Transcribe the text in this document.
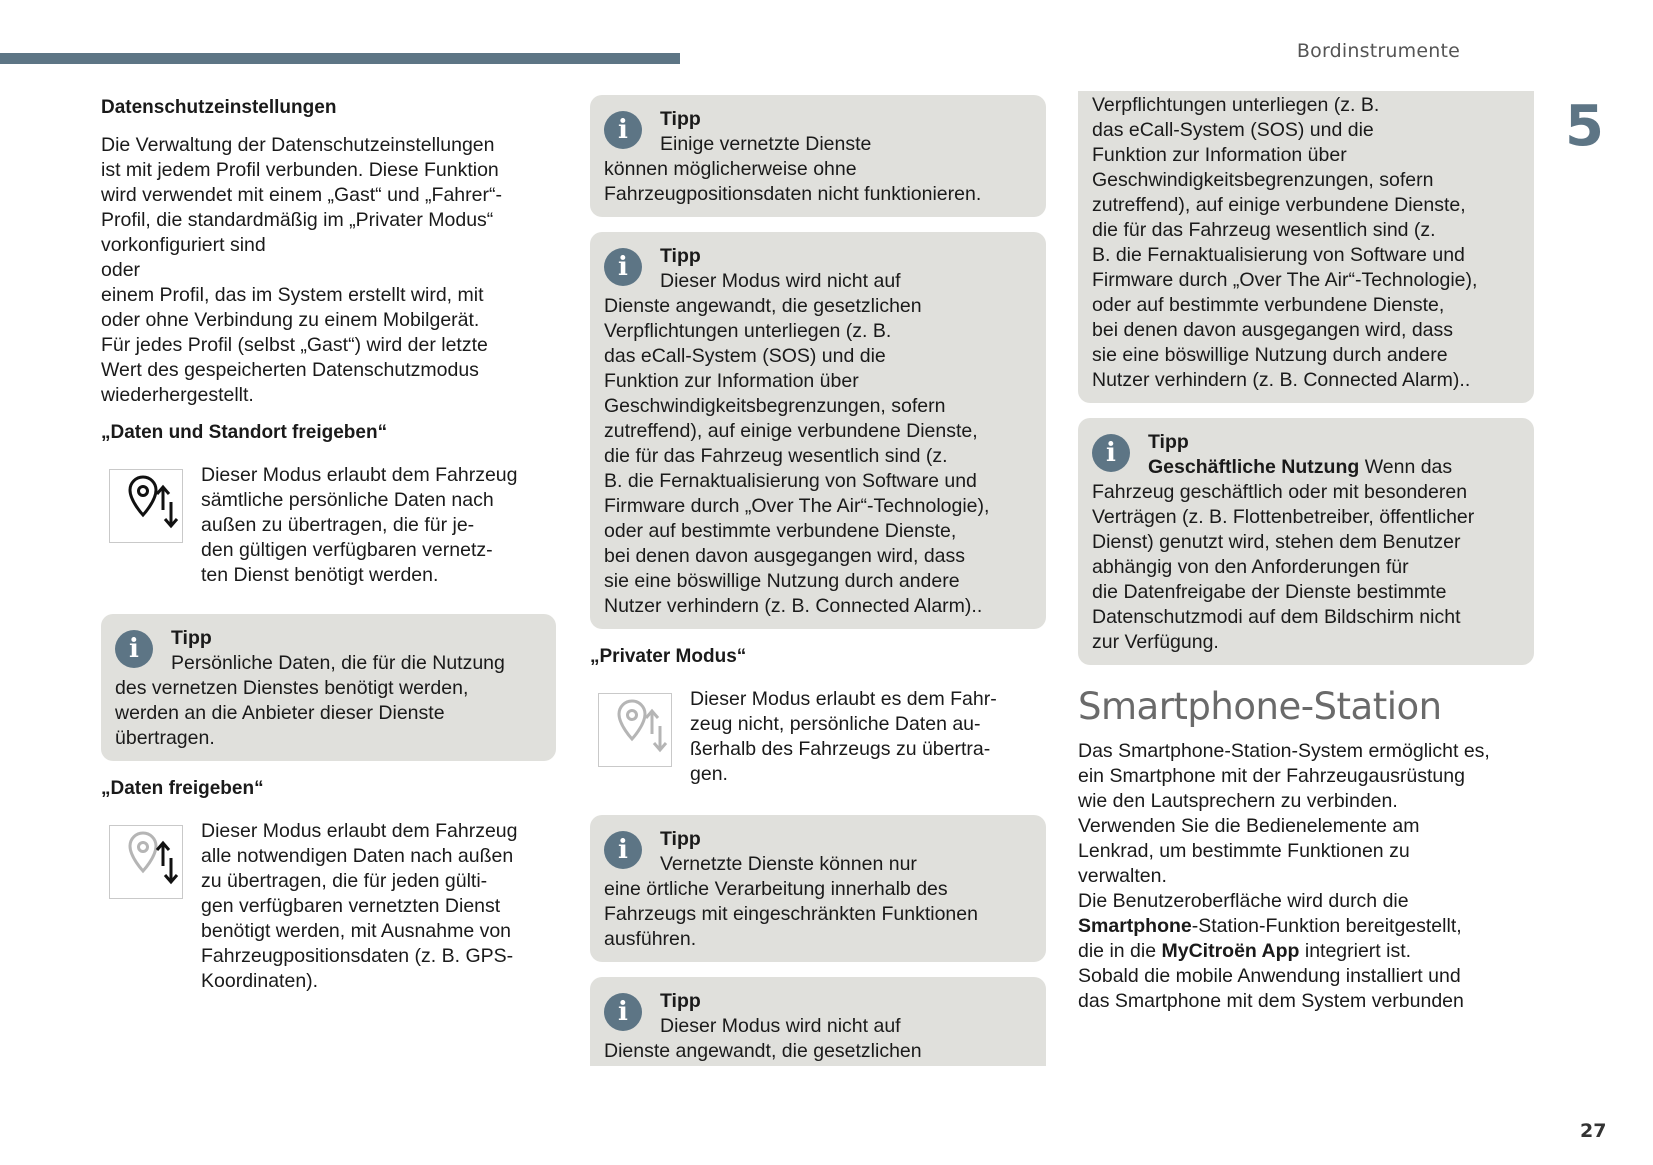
Bordinstrumente
5
Datenschutzeinstellungen
Die Verwaltung der Datenschutzeinstellungen
ist mit jedem Profil verbunden. Diese Funktion
wird verwendet mit einem „Gast“ und „Fahrer“-
Profil, die standardmäßig im „Privater Modus“
vorkonfiguriert sind
oder
einem Profil, das im System erstellt wird, mit
oder ohne Verbindung zu einem Mobilgerät.
Für jedes Profil (selbst „Gast“) wird der letzte
Wert des gespeicherten Datenschutzmodus
wiederhergestellt.
„Daten und Standort freigeben“
Dieser Modus erlaubt dem Fahrzeug
sämtliche persönliche Daten nach
außen zu übertragen, die für je-
den gültigen verfügbaren vernetz-
ten Dienst benötigt werden.
i	Tipp
Persönliche Daten, die für die Nutzung
des vernetzen Dienstes benötigt werden,
werden an die Anbieter dieser Dienste
übertragen.
„Daten freigeben“
Dieser Modus erlaubt dem Fahrzeug
alle notwendigen Daten nach außen
zu übertragen, die für jeden gülti-
gen verfügbaren vernetzten Dienst
benötigt werden, mit Ausnahme von
Fahrzeugpositionsdaten (z. B. GPS-
Koordinaten).
i	Tipp
Einige vernetzte Dienste
können möglicherweise ohne
Fahrzeugpositionsdaten nicht funktionieren.
i	Tipp
Dieser Modus wird nicht auf
Dienste angewandt, die gesetzlichen
Verpflichtungen unterliegen (z. B.
das eCall-System (SOS) und die
Funktion zur Information über
Geschwindigkeitsbegrenzungen, sofern
zutreffend), auf einige verbundene Dienste,
die für das Fahrzeug wesentlich sind (z.
B. die Fernaktualisierung von Software und
Firmware durch „Over The Air“-Technologie),
oder auf bestimmte verbundene Dienste,
bei denen davon ausgegangen wird, dass
sie eine böswillige Nutzung durch andere
Nutzer verhindern (z. B. Connected Alarm)..
„Privater Modus“
Dieser Modus erlaubt es dem Fahr-
zeug nicht, persönliche Daten au-
ßerhalb des Fahrzeugs zu übertra-
gen.
i	Tipp
Vernetzte Dienste können nur
eine örtliche Verarbeitung innerhalb des
Fahrzeugs mit eingeschränkten Funktionen
ausführen.
i	Tipp
Dieser Modus wird nicht auf
Dienste angewandt, die gesetzlichen
Verpflichtungen unterliegen (z. B.
das eCall-System (SOS) und die
Funktion zur Information über
Geschwindigkeitsbegrenzungen, sofern
zutreffend), auf einige verbundene Dienste,
die für das Fahrzeug wesentlich sind (z.
B. die Fernaktualisierung von Software und
Firmware durch „Over The Air“-Technologie),
oder auf bestimmte verbundene Dienste,
bei denen davon ausgegangen wird, dass
sie eine böswillige Nutzung durch andere
Nutzer verhindern (z. B. Connected Alarm)..
i	Tipp
Geschäftliche Nutzung Wenn das
Fahrzeug geschäftlich oder mit besonderen
Verträgen (z. B. Flottenbetreiber, öffentlicher
Dienst) genutzt wird, stehen dem Benutzer
abhängig von den Anforderungen für
die Datenfreigabe der Dienste bestimmte
Datenschutzmodi auf dem Bildschirm nicht
zur Verfügung.
Smartphone-Station
Das Smartphone-Station-System ermöglicht es,
ein Smartphone mit der Fahrzeugausrüstung
wie den Lautsprechern zu verbinden.
Verwenden Sie die Bedienelemente am
Lenkrad, um bestimmte Funktionen zu
verwalten.
Die Benutzeroberfläche wird durch die
Smartphone-Station-Funktion bereitgestellt,
die in die MyCitroën App integriert ist.
Sobald die mobile Anwendung installiert und
das Smartphone mit dem System verbunden
27
